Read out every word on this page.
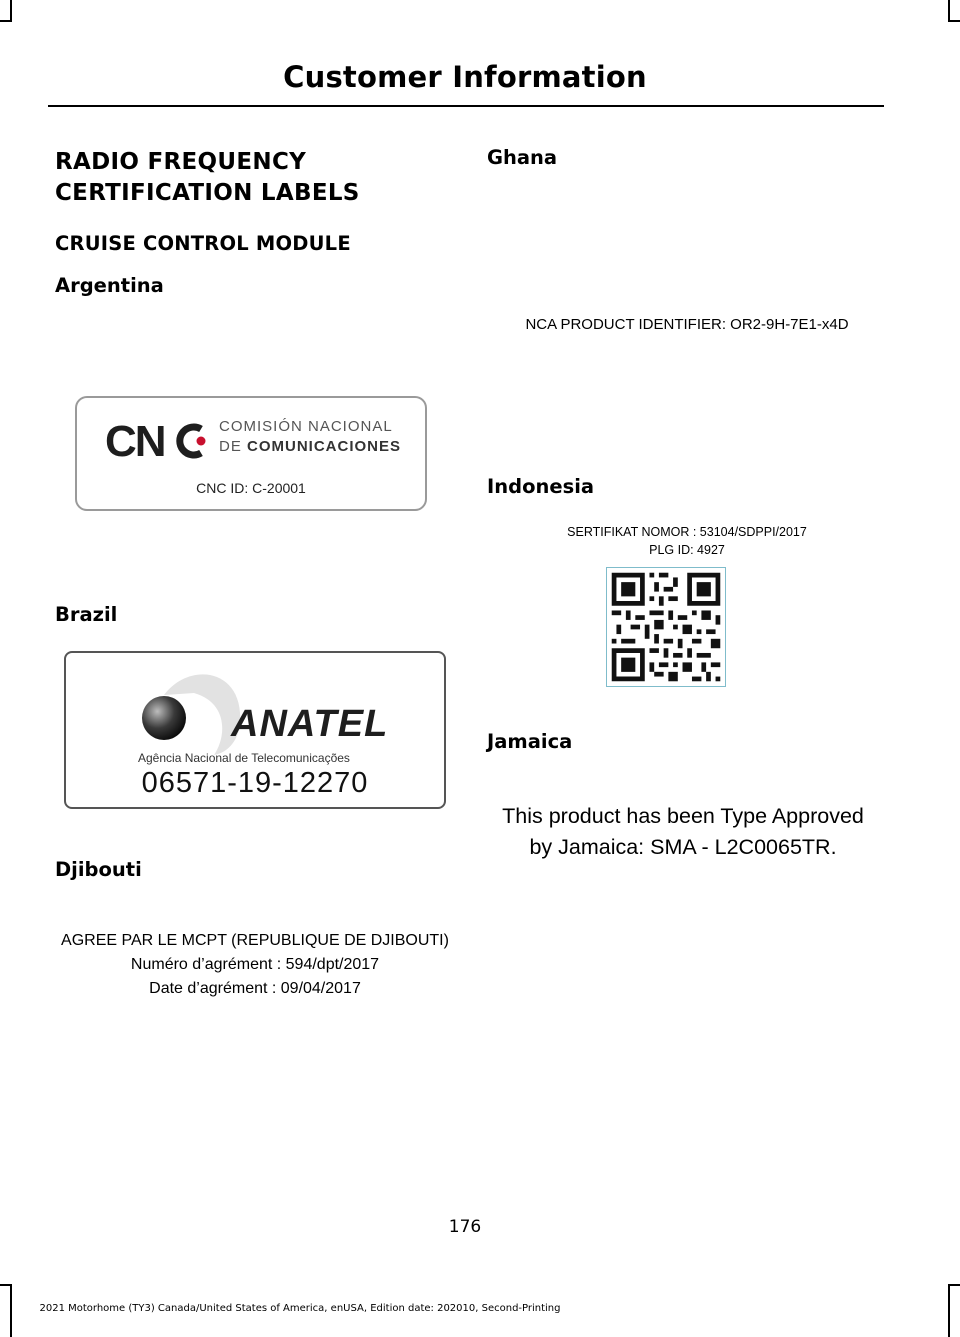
Customer Information
RADIO FREQUENCY
CERTIFICATION LABELS
CRUISE CONTROL MODULE
Argentina
CN	COMISIÓN NACIONAL
DE COMUNICACIONES
CNC ID: C-20001
Brazil
ANATEL
Agência Nacional de Telecomunicações
06571-19-12270
Djibouti
AGREE PAR LE MCPT (REPUBLIQUE DE DJIBOUTI)
Numéro d’agrément : 594/dpt/2017
Date d’agrément : 09/04/2017
Ghana
NCA PRODUCT IDENTIFIER: OR2-9H-7E1-x4D
Indonesia
SERTIFIKAT NOMOR : 53104/SDPPI/2017
PLG ID: 4927
Jamaica
This product has been Type Approved
by Jamaica: SMA - L2C0065TR.
176
2021 Motorhome (TY3) Canada/United States of America, enUSA, Edition date: 202010, Second-Printing
